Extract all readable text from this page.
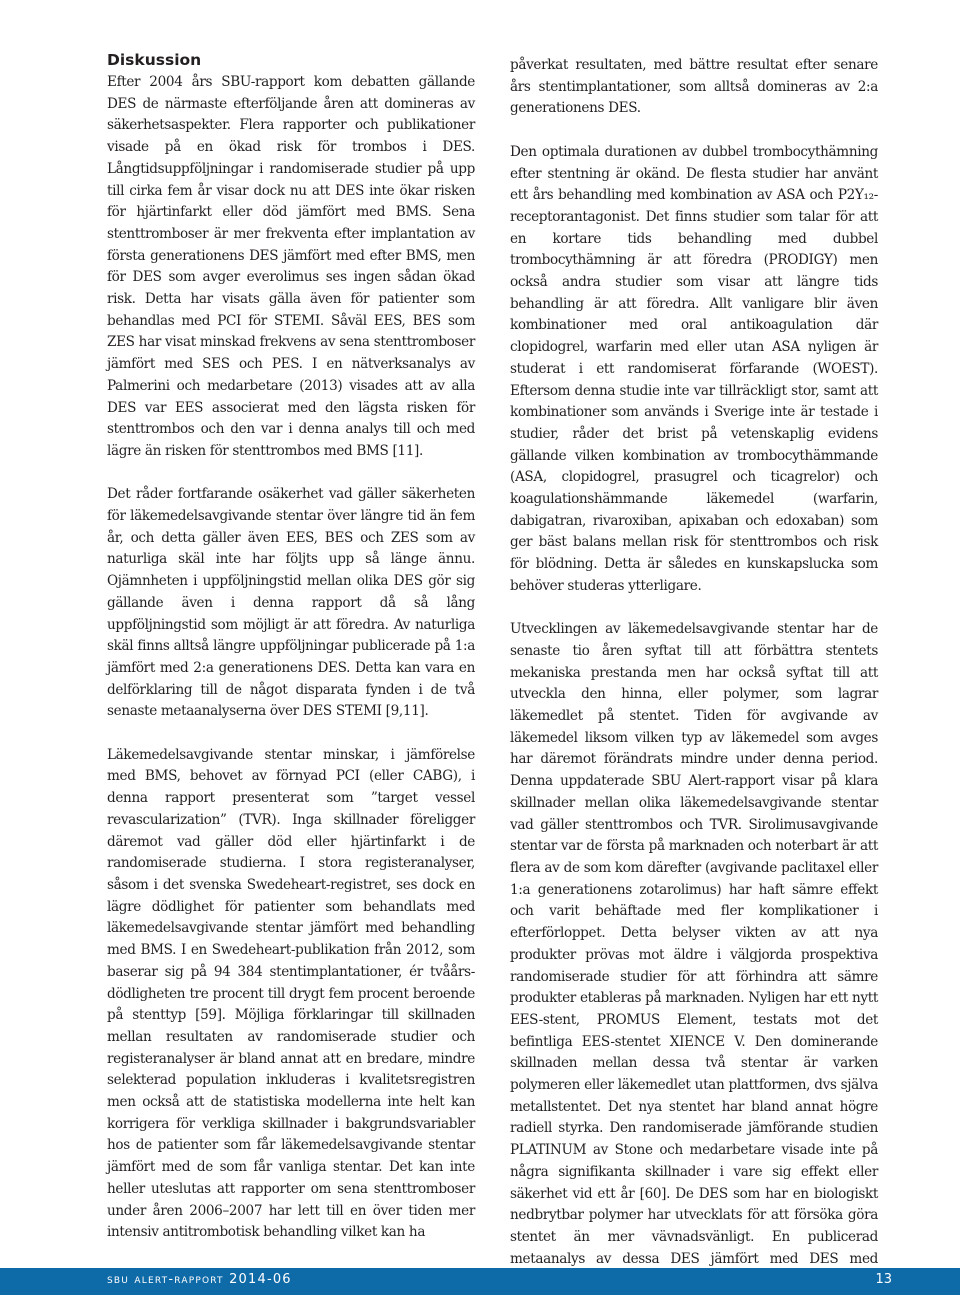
Diskussion

Efter 2004 års SBU-rapport kom debatten gällande DES de närmaste efterföljande åren att domineras av säkerhetsaspekter. Flera rapporter och publikationer visade på en ökad risk för trombos i DES. Långtidsuppföljningar i randomiserade studier på upp till cirka fem år visar dock nu att DES inte ökar risken för hjärtinfarkt eller död jämfört med BMS. Sena stenttromboser är mer frekventa efter implantation av första generationens DES jämfört med efter BMS, men för DES som avger everolimus ses ingen sådan ökad risk. Detta har visats gälla även för patienter som behandlas med PCI för STEMI. Såväl EES, BES som ZES har visat minskad frekvens av sena stenttromboser jämfört med SES och PES. I en nätverksanalys av Palmerini och medarbetare (2013) visades att av alla DES var EES associerat med den lägsta risken för stenttrombos och den var i denna analys till och med lägre än risken för stenttrombos med BMS [11].

Det råder fortfarande osäkerhet vad gäller säkerheten för läkemedelsavgivande stentar över längre tid än fem år, och detta gäller även EES, BES och ZES som av naturliga skäl inte har följts upp så länge ännu. Ojämnheten i uppföljningstid mellan olika DES gör sig gällande även i denna rapport då så lång uppföljningstid som möjligt är att föredra. Av naturliga skäl finns alltså längre uppföljningar publicerade på 1:a jämfört med 2:a generationens DES. Detta kan vara en delförklaring till de något disparata fynden i de två senaste metaanalyserna över DES STEMI [9,11].

Läkemedelsavgivande stentar minskar, i jämförelse med BMS, behovet av förnyad PCI (eller CABG), i denna rapport presenterat som ”target vessel revascularization” (TVR). Inga skillnader föreligger däremot vad gäller död eller hjärtinfarkt i de randomiserade studierna. I stora registeranalyser, såsom i det svenska Swedeheart-registret, ses dock en lägre dödlighet för patienter som behandlats med läkemedelsavgivande stentar jämfört med behandling med BMS. I en Swedeheart-publikation från 2012, som baserar sig på 94 384 stentimplantationer, ér tvåårs-dödligheten tre procent till drygt fem procent beroende på stenttyp [59]. Möjliga förklaringar till skillnaden mellan resultaten av randomiserade studier och registeranalyser är bland annat att en bredare, mindre selekterad population inkluderas i kvalitetsregistren men också att de statistiska modellerna inte helt kan korrigera för verkliga skillnader i bakgrundsvariabler hos de patienter som får läkemedelsavgivande stentar jämfört med de som får vanliga stentar. Det kan inte heller uteslutas att rapporter om sena stenttromboser under åren 2006–2007 har lett till en över tiden mer intensiv antitrombotisk behandling vilket kan ha

påverkat resultaten, med bättre resultat efter senare års stentimplantationer, som alltså domineras av 2:a generationens DES.

Den optimala durationen av dubbel trombocythämning efter stentning är okänd. De flesta studier har använt ett års behandling med kombination av ASA och P2Y₁₂-receptorantagonist. Det finns studier som talar för att en kortare tids behandling med dubbel trombocythämning är att föredra (PRODIGY) men också andra studier som visar att längre tids behandling är att föredra. Allt vanligare blir även kombinationer med oral antikoagulation där clopidogrel, warfarin med eller utan ASA nyligen är studerat i ett randomiserat förfarande (WOEST). Eftersom denna studie inte var tillräckligt stor, samt att kombinationer som används i Sverige inte är testade i studier, råder det brist på vetenskaplig evidens gällande vilken kombination av trombocythämmande (ASA, clopidogrel, prasugrel och ticagrelor) och koagulationshämmande läkemedel (warfarin, dabigatran, rivaroxiban, apixaban och edoxaban) som ger bäst balans mellan risk för stenttrombos och risk för blödning. Detta är således en kunskapslucka som behöver studeras ytterligare.

Utvecklingen av läkemedelsavgivande stentar har de senaste tio åren syftat till att förbättra stentets mekaniska prestanda men har också syftat till att utveckla den hinna, eller polymer, som lagrar läkemedlet på stentet. Tiden för avgivande av läkemedel liksom vilken typ av läkemedel som avges har däremot förändrats mindre under denna period. Denna uppdaterade SBU Alert-rapport visar på klara skillnader mellan olika läkemedelsavgivande stentar vad gäller stenttrombos och TVR. Sirolimusavgivande stentar var de första på marknaden och noterbart är att flera av de som kom därefter (avgivande paclitaxel eller 1:a generationens zotarolimus) har haft sämre effekt och varit behäftade med fler komplikationer i efterförloppet. Detta belyser vikten av att nya produkter prövas mot äldre i välgjorda prospektiva randomiserade studier för att förhindra att sämre produkter etableras på marknaden. Nyligen har ett nytt EES-stent, PROMUS Element, testats mot det befintliga EES-stentet XIENCE V. Den dominerande skillnaden mellan dessa två stentar är varken polymeren eller läkemedlet utan plattformen, dvs själva metallstentet. Det nya stentet har bland annat högre radiell styrka. Den randomiserade jämförande studien PLATINUM av Stone och medarbetare visade inte på några signifikanta skillnader i vare sig effekt eller säkerhet vid ett år [60]. De DES som har en biologiskt nedbrytbar polymer har utvecklats för att försöka göra stentet än mer vävnadsvänligt. En publicerad metaanalys av dessa DES jämfört med DES med

sbu alert-rapport 2014-06	13
